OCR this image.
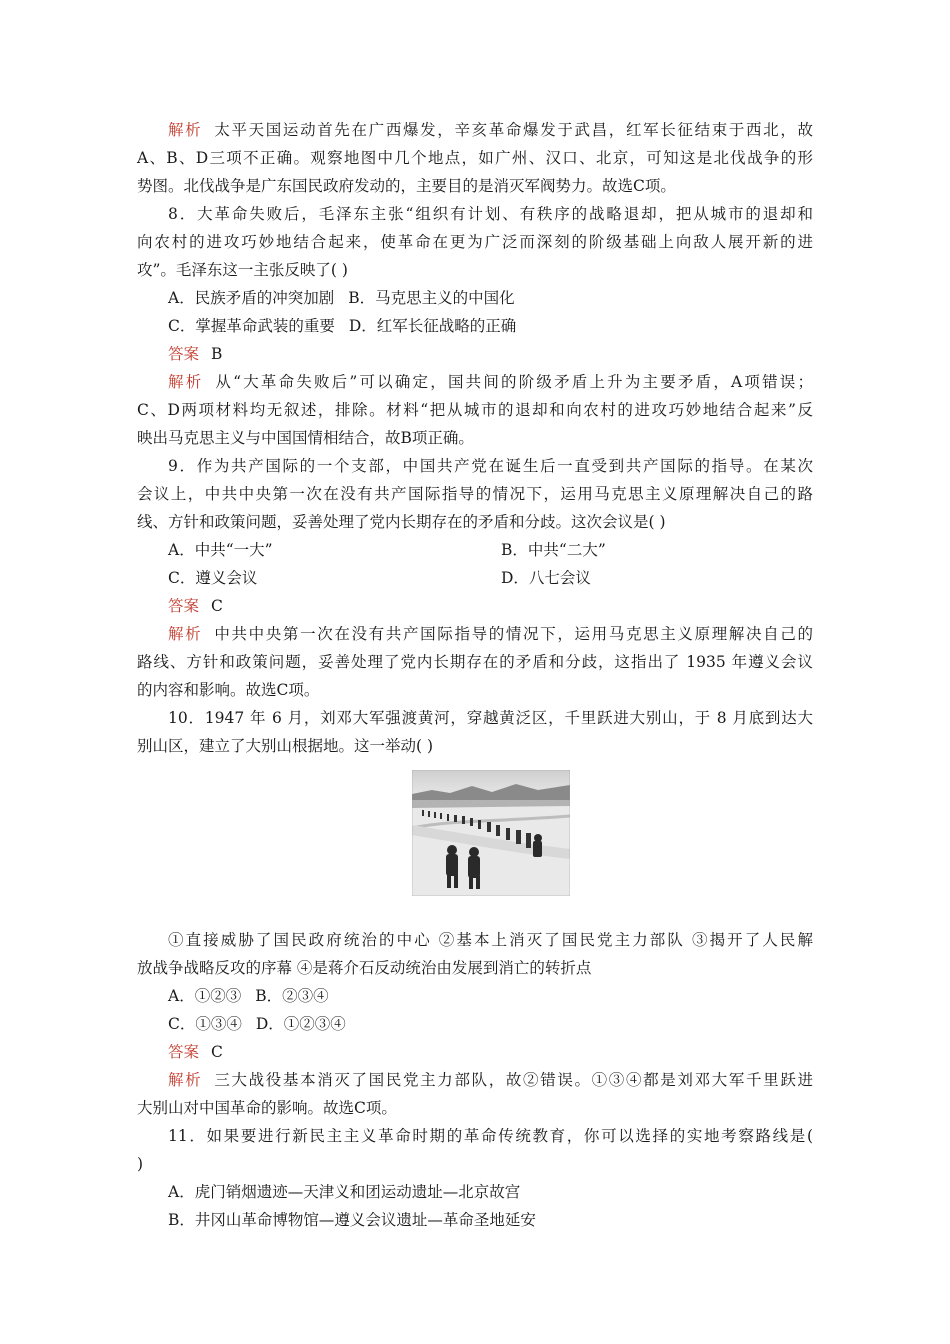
解析 太平天国运动首先在广西爆发，辛亥革命爆发于武昌，红军长征结束于西北，故
A、B、D三项不正确。观察地图中几个地点，如广州、汉口、北京，可知这是北伐战争的形
势图。北伐战争是广东国民政府发动的，主要目的是消灭军阀势力。故选C项。
8．大革命失败后，毛泽东主张“组织有计划、有秩序的战略退却，把从城市的退却和
向农村的进攻巧妙地结合起来，使革命在更为广泛而深刻的阶级基础上向敌人展开新的进
攻”。毛泽东这一主张反映了( )
A．民族矛盾的冲突加剧 B．马克思主义的中国化
C．掌握革命武装的重要 D．红军长征战略的正确
答案 B
解析 从“大革命失败后”可以确定，国共间的阶级矛盾上升为主要矛盾，A项错误；
C、D两项材料均无叙述，排除。材料“把从城市的退却和向农村的进攻巧妙地结合起来”反
映出马克思主义与中国国情相结合，故B项正确。
9．作为共产国际的一个支部，中国共产党在诞生后一直受到共产国际的指导。在某次
会议上，中共中央第一次在没有共产国际指导的情况下，运用马克思主义原理解决自己的路
线、方针和政策问题，妥善处理了党内长期存在的矛盾和分歧。这次会议是( )
A．中共“一大”	B．中共“二大”
C．遵义会议	D．八七会议
答案 C
解析 中共中央第一次在没有共产国际指导的情况下，运用马克思主义原理解决自己的
路线、方针和政策问题，妥善处理了党内长期存在的矛盾和分歧，这指出了 1935 年遵义会议
的内容和影响。故选C项。
10．1947 年 6 月，刘邓大军强渡黄河，穿越黄泛区，千里跃进大别山，于 8 月底到达大
别山区，建立了大别山根据地。这一举动( )
①直接威胁了国民政府统治的中心 ②基本上消灭了国民党主力部队 ③揭开了人民解
放战争战略反攻的序幕 ④是蒋介石反动统治由发展到消亡的转折点
A．①②③ B．②③④
C．①③④ D．①②③④
答案 C
解析 三大战役基本消灭了国民党主力部队，故②错误。①③④都是刘邓大军千里跃进
大别山对中国革命的影响。故选C项。
11．如果要进行新民主主义革命时期的革命传统教育，你可以选择的实地考察路线是(
)
A．虎门销烟遗迹—天津义和团运动遗址—北京故宫
B．井冈山革命博物馆—遵义会议遗址—革命圣地延安
